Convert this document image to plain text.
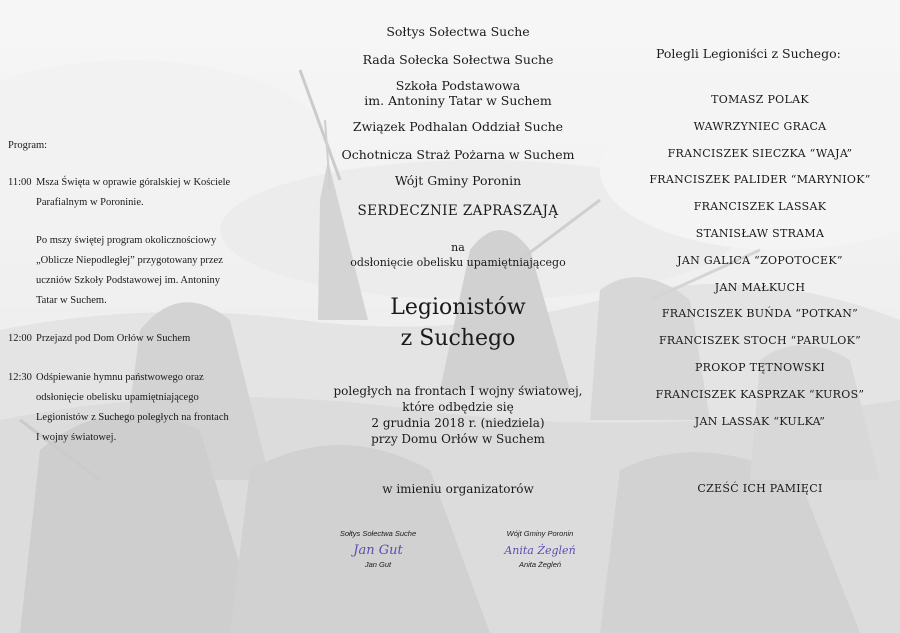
Program:

11:00 Msza Święta w oprawie góralskiej w Kościele

Parafialnym w Poroninie.

Po mszy świętej program okolicznościowy

„Oblicze Niepodległej” przygotowany przez

uczniów Szkoły Podstawowej im. Antoniny

Tatar w Suchem.

12:00 Przejazd pod Dom Orłów w Suchem

12:30 Odśpiewanie hymnu państwowego oraz

odsłonięcie obelisku upamiętniającego

Legionistów z Suchego poległych na frontach

I wojny światowej.

Sołtys Sołectwa Suche

Rada Sołecka Sołectwa Suche

Szkoła Podstawowa

im. Antoniny Tatar w Suchem

Związek Podhalan Oddział Suche

Ochotnicza Straż Pożarna w Suchem

Wójt Gminy Poronin

SERDECZNIE ZAPRASZAJĄ

na

odsłonięcie obelisku upamiętniającego

Legionistów

z Suchego

poległych na frontach I wojny światowej,

które odbędzie się

2 grudnia 2018 r. (niedziela)

przy Domu Orłów w Suchem

w imieniu organizatorów

Sołtys Sołectwa Suche

Jan Gut

Jan Gut

Wójt Gminy Poronin

Anita Żegleń

Anita Żegleń

Polegli Legioniści z Suchego:

TOMASZ POLAK

WAWRZYNIEC GRACA

FRANCISZEK SIECZKA “WAJA”

FRANCISZEK PALIDER “MARYNIOK”

FRANCISZEK LASSAK

STANISŁAW STRAMA

JAN GALICA “ZOPOTOCEK”

JAN MAŁKUCH

FRANCISZEK BUŃDA “POTKAN”

FRANCISZEK STOCH “PARULOK”

PROKOP TĘTNOWSKI

FRANCISZEK KASPRZAK “KUROS”

JAN LASSAK “KULKA”

CZEŚĆ ICH PAMIĘCI
